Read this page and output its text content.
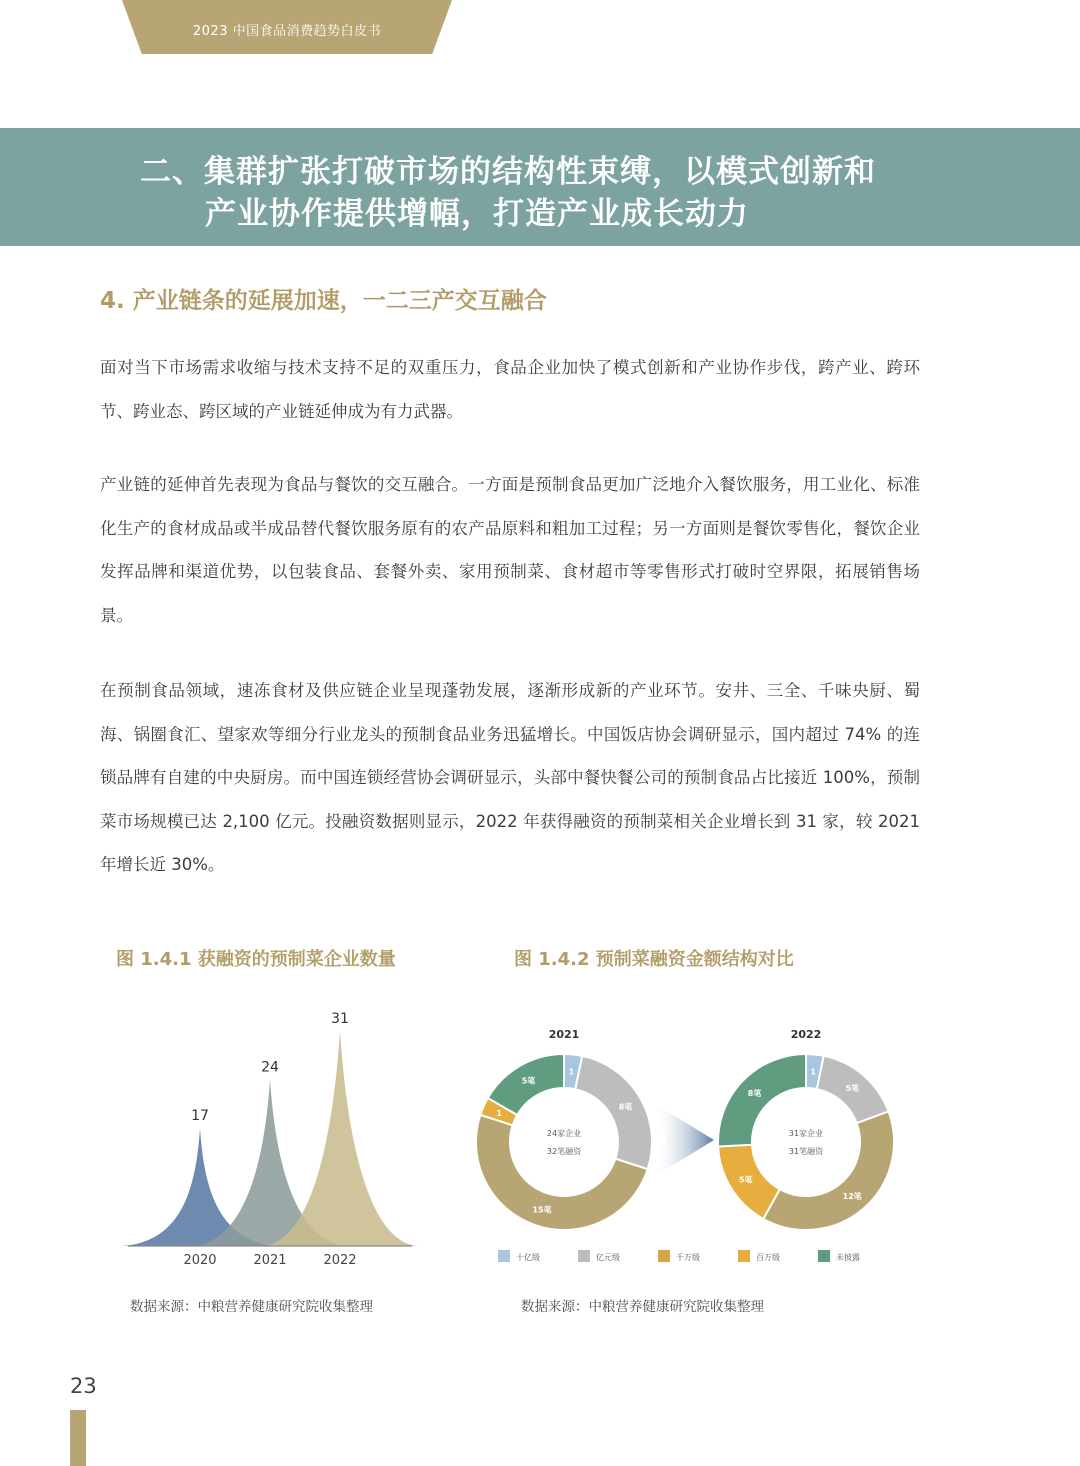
2023 中国食品消费趋势白皮书
二、集群扩张打破市场的结构性束缚，以模式创新和
产业协作提供增幅，打造产业成长动力
4. 产业链条的延展加速，一二三产交互融合

面对当下市场需求收缩与技术支持不足的双重压力，食品企业加快了模式创新和产业协作步伐，跨产业、跨环节、跨业态、跨区域的产业链延伸成为有力武器。

产业链的延伸首先表现为食品与餐饮的交互融合。一方面是预制食品更加广泛地介入餐饮服务，用工业化、标准化生产的食材成品或半成品替代餐饮服务原有的农产品原料和粗加工过程；另一方面则是餐饮零售化，餐饮企业发挥品牌和渠道优势，以包装食品、套餐外卖、家用预制菜、食材超市等零售形式打破时空界限，拓展销售场景。

在预制食品领域，速冻食材及供应链企业呈现蓬勃发展，逐渐形成新的产业环节。安井、三全、千味央厨、蜀海、锅圈食汇、望家欢等细分行业龙头的预制食品业务迅猛增长。中国饭店协会调研显示，国内超过 74% 的连锁品牌有自建的中央厨房。而中国连锁经营协会调研显示，头部中餐快餐公司的预制食品占比接近 100%，预制菜市场规模已达 2,100 亿元。投融资数据则显示，2022 年获得融资的预制菜相关企业增长到 31 家，较 2021 年增长近 30%。

图 1.4.1 获融资的预制菜企业数量	图 1.4.2 预制菜融资金额结构对比
17
2020
24
2021
31
2022
1
8笔
15笔
1
5笔
2021
24家企业
32笔融资
1
5笔
12笔
5笔
8笔
2022
31家企业
31笔融资
十亿级	亿元级	千万级	百万级	未披露
数据来源：中粮营养健康研究院收集整理	数据来源：中粮营养健康研究院收集整理
23
